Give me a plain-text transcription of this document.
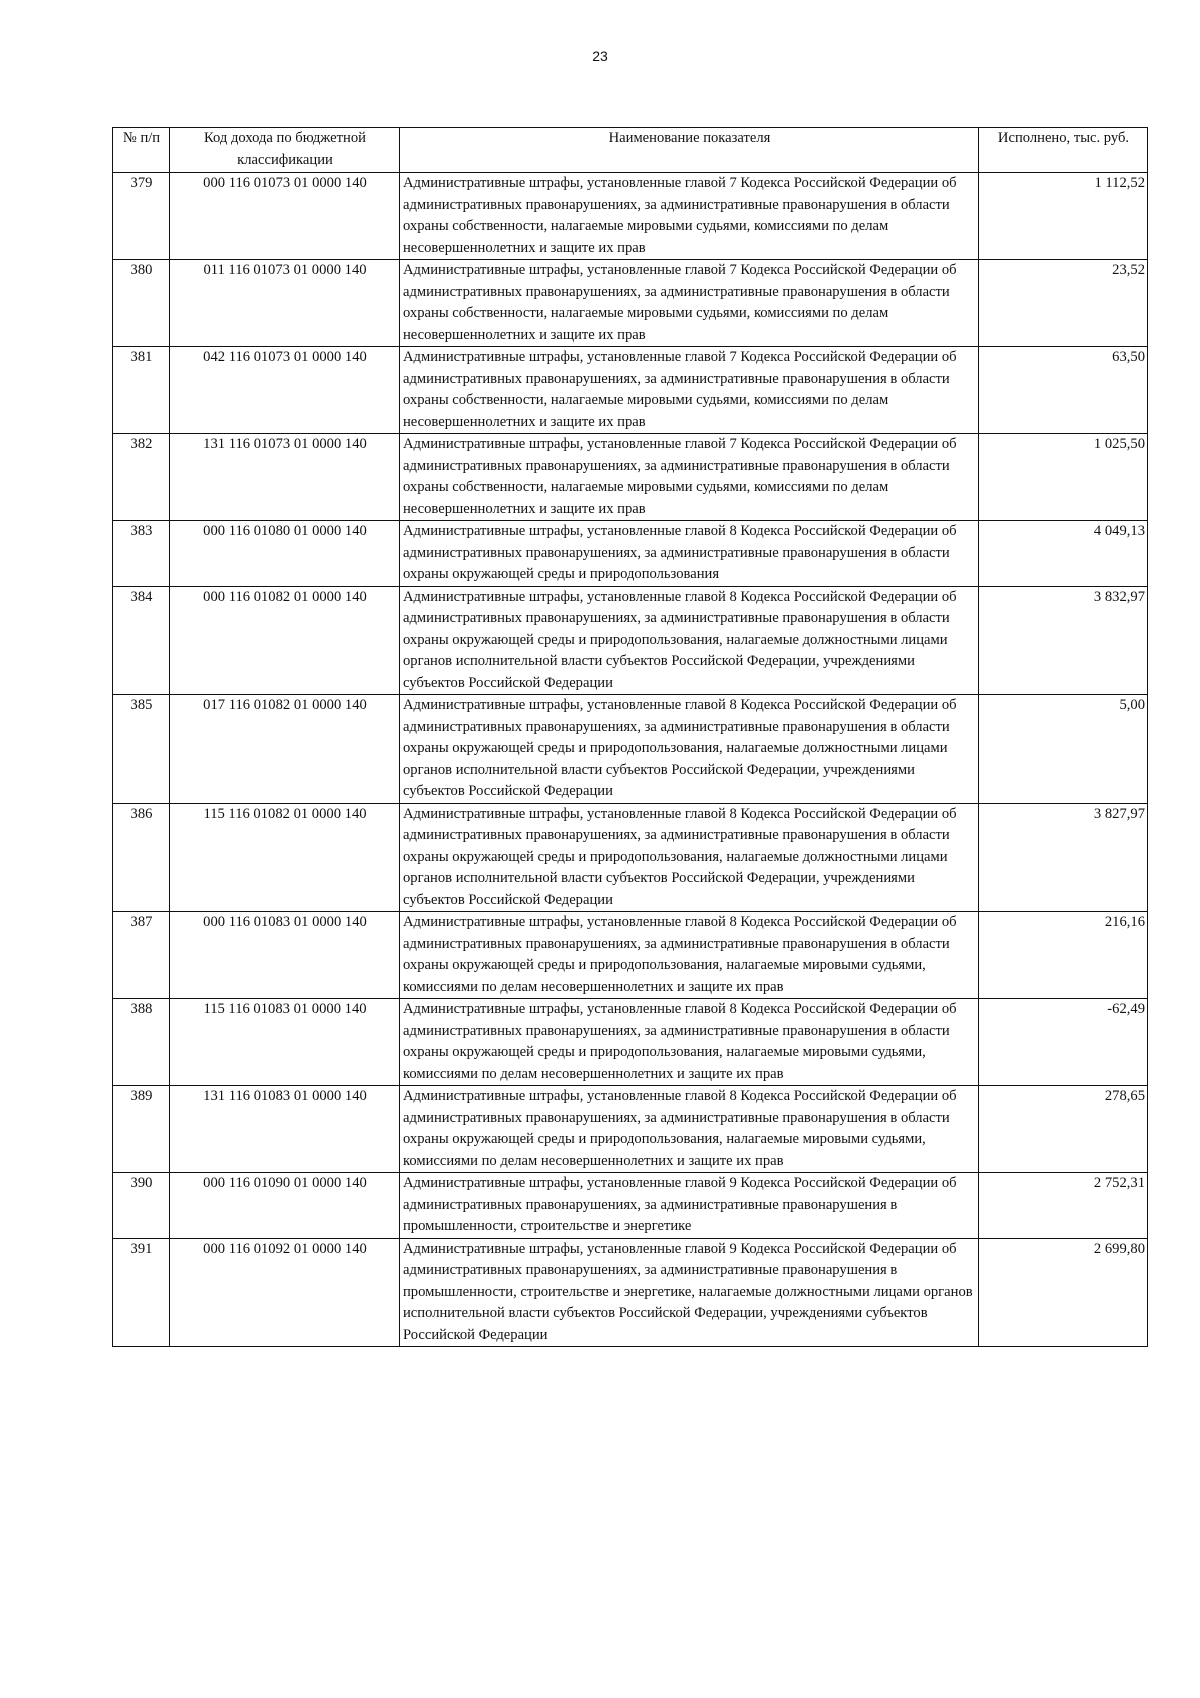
23
№ п/п	Код дохода по бюджетной классификации	Наименование показателя	Исполнено, тыс. руб.
379	000 116 01073 01 0000 140	Административные штрафы, установленные главой 7 Кодекса Российской Федерации об административных правонарушениях, за административные правонарушения в области охраны собственности, налагаемые мировыми судьями, комиссиями по делам несовершеннолетних и защите их прав	1 112,52
380	011 116 01073 01 0000 140	Административные штрафы, установленные главой 7 Кодекса Российской Федерации об административных правонарушениях, за административные правонарушения в области охраны собственности, налагаемые мировыми судьями, комиссиями по делам несовершеннолетних и защите их прав	23,52
381	042 116 01073 01 0000 140	Административные штрафы, установленные главой 7 Кодекса Российской Федерации об административных правонарушениях, за административные правонарушения в области охраны собственности, налагаемые мировыми судьями, комиссиями по делам несовершеннолетних и защите их прав	63,50
382	131 116 01073 01 0000 140	Административные штрафы, установленные главой 7 Кодекса Российской Федерации об административных правонарушениях, за административные правонарушения в области охраны собственности, налагаемые мировыми судьями, комиссиями по делам несовершеннолетних и защите их прав	1 025,50
383	000 116 01080 01 0000 140	Административные штрафы, установленные главой 8 Кодекса Российской Федерации об административных правонарушениях, за административные правонарушения в области охраны окружающей среды и природопользования	4 049,13
384	000 116 01082 01 0000 140	Административные штрафы, установленные главой 8 Кодекса Российской Федерации об административных правонарушениях, за административные правонарушения в области охраны окружающей среды и природопользования, налагаемые должностными лицами органов исполнительной власти субъектов Российской Федерации, учреждениями субъектов Российской Федерации	3 832,97
385	017 116 01082 01 0000 140	Административные штрафы, установленные главой 8 Кодекса Российской Федерации об административных правонарушениях, за административные правонарушения в области охраны окружающей среды и природопользования, налагаемые должностными лицами органов исполнительной власти субъектов Российской Федерации, учреждениями субъектов Российской Федерации	5,00
386	115 116 01082 01 0000 140	Административные штрафы, установленные главой 8 Кодекса Российской Федерации об административных правонарушениях, за административные правонарушения в области охраны окружающей среды и природопользования, налагаемые должностными лицами органов исполнительной власти субъектов Российской Федерации, учреждениями субъектов Российской Федерации	3 827,97
387	000 116 01083 01 0000 140	Административные штрафы, установленные главой 8 Кодекса Российской Федерации об административных правонарушениях, за административные правонарушения в области охраны окружающей среды и природопользования, налагаемые мировыми судьями, комиссиями по делам несовершеннолетних и защите их прав	216,16
388	115 116 01083 01 0000 140	Административные штрафы, установленные главой 8 Кодекса Российской Федерации об административных правонарушениях, за административные правонарушения в области охраны окружающей среды и природопользования, налагаемые мировыми судьями, комиссиями по делам несовершеннолетних и защите их прав	-62,49
389	131 116 01083 01 0000 140	Административные штрафы, установленные главой 8 Кодекса Российской Федерации об административных правонарушениях, за административные правонарушения в области охраны окружающей среды и природопользования, налагаемые мировыми судьями, комиссиями по делам несовершеннолетних и защите их прав	278,65
390	000 116 01090 01 0000 140	Административные штрафы, установленные главой 9 Кодекса Российской Федерации об административных правонарушениях, за административные правонарушения в промышленности, строительстве и энергетике	2 752,31
391	000 116 01092 01 0000 140	Административные штрафы, установленные главой 9 Кодекса Российской Федерации об административных правонарушениях, за административные правонарушения в промышленности, строительстве и энергетике, налагаемые должностными лицами органов исполнительной власти субъектов Российской Федерации, учреждениями субъектов Российской Федерации	2 699,80
